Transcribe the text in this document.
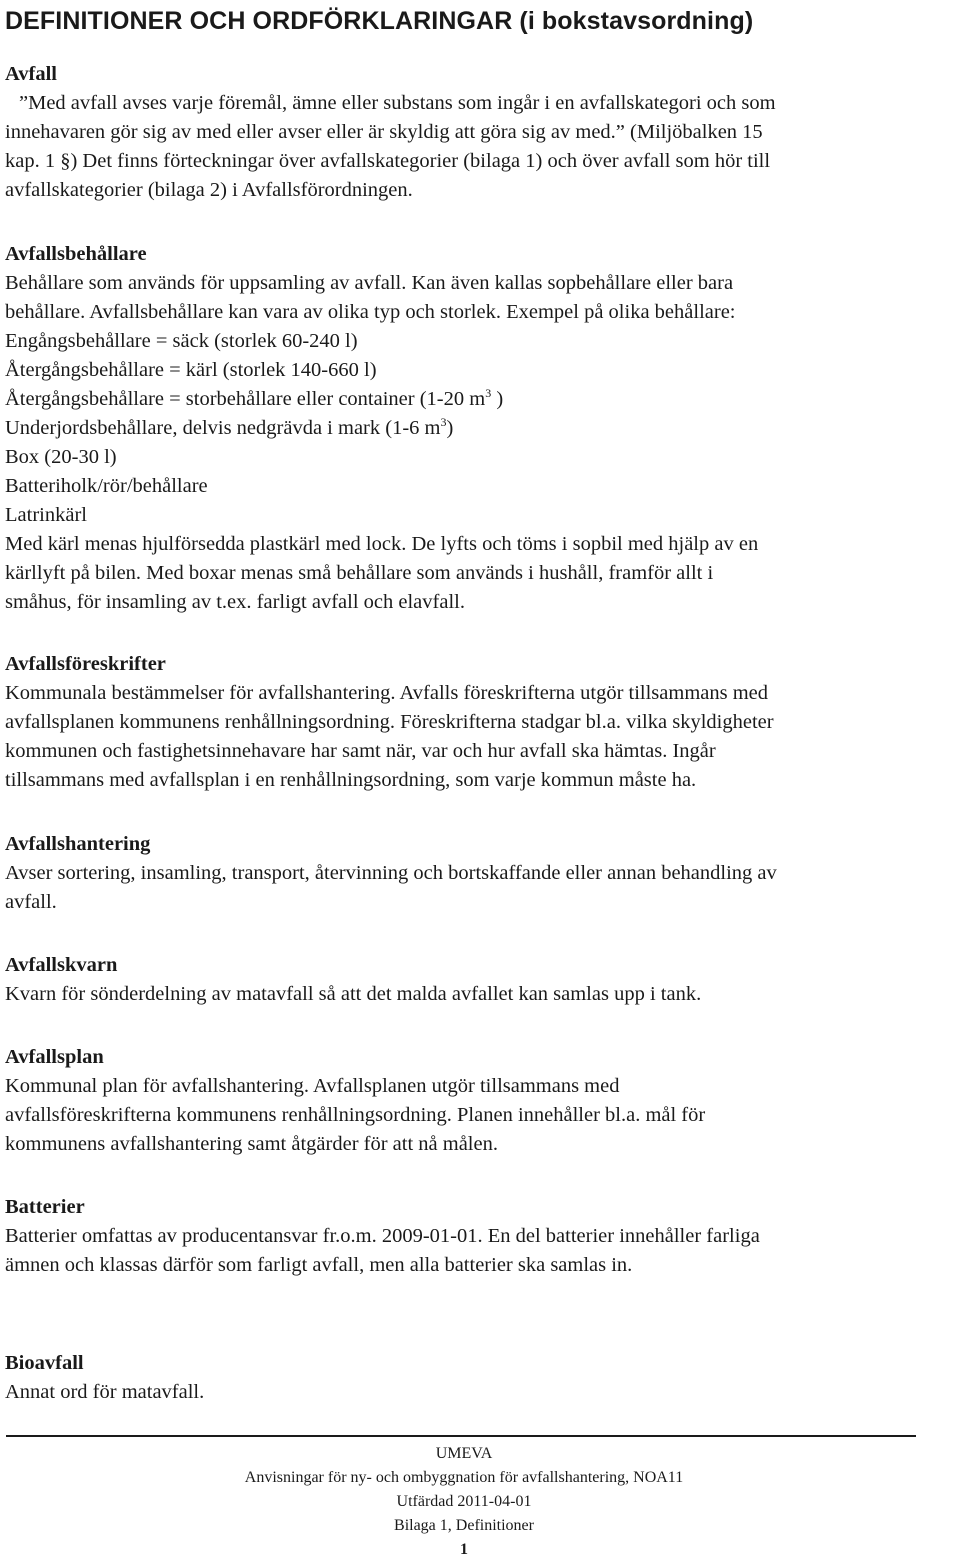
DEFINITIONER OCH ORDFÖRKLARINGAR (i bokstavsordning)
Avfall
”Med avfall avses varje föremål, ämne eller substans som ingår i en avfallskategori och som
innehavaren gör sig av med eller avser eller är skyldig att göra sig av med.” (Miljöbalken 15
kap. 1 §) Det finns förteckningar över avfallskategorier (bilaga 1) och över avfall som hör till
avfallskategorier (bilaga 2) i Avfallsförordningen.
Avfallsbehållare
Behållare som används för uppsamling av avfall. Kan även kallas sopbehållare eller bara
behållare. Avfallsbehållare kan vara av olika typ och storlek. Exempel på olika behållare:
Engångsbehållare = säck (storlek 60-240 l)
Återgångsbehållare = kärl (storlek 140-660 l)
Återgångsbehållare = storbehållare eller container (1-20 $m^3$ )
Underjordsbehållare, delvis nedgrävda i mark (1-6 $m^3$)
Box (20-30 l)
Batteriholk/rör/behållare
Latrinkärl
Med kärl menas hjulförsedda plastkärl med lock. De lyfts och töms i sopbil med hjälp av en
kärllyft på bilen. Med boxar menas små behållare som används i hushåll, framför allt i
småhus, för insamling av t.ex. farligt avfall och elavfall.
Avfallsföreskrifter
Kommunala bestämmelser för avfallshantering. Avfalls föreskrifterna utgör tillsammans med
avfallsplanen kommunens renhållningsordning. Föreskrifterna stadgar bl.a. vilka skyldigheter
kommunen och fastighetsinnehavare har samt när, var och hur avfall ska hämtas. Ingår
tillsammans med avfallsplan i en renhållningsordning, som varje kommun måste ha.
Avfallshantering
Avser sortering, insamling, transport, återvinning och bortskaffande eller annan behandling av
avfall.
Avfallskvarn
Kvarn för sönderdelning av matavfall så att det malda avfallet kan samlas upp i tank.
Avfallsplan
Kommunal plan för avfallshantering. Avfallsplanen utgör tillsammans med
avfallsföreskrifterna kommunens renhållningsordning. Planen innehåller bl.a. mål för
kommunens avfallshantering samt åtgärder för att nå målen.
Batterier
Batterier omfattas av producentansvar fr.o.m. 2009-01-01. En del batterier innehåller farliga
ämnen och klassas därför som farligt avfall, men alla batterier ska samlas in.
Bioavfall
Annat ord för matavfall.
UMEVA
Anvisningar för ny- och ombyggnation för avfallshantering, NOA11
Utfärdad 2011-04-01
Bilaga 1, Definitioner
1
